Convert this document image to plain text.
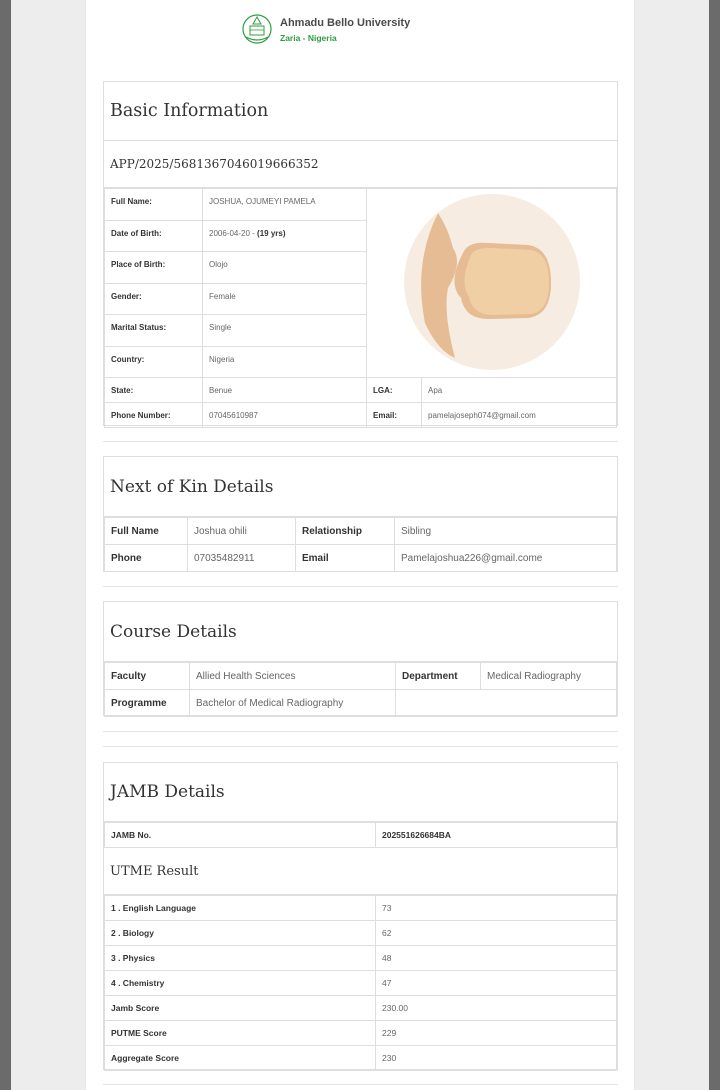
Ahmadu Bello University
Zaria - Nigeria
Basic Information
APP/2025/5681367046019666352
Full Name:	JOSHUA, OJUMEYI PAMELA	
Date of Birth:	2006-04-20 - (19 yrs)		
Place of Birth:	Olojo		
Gender:	Female		
Marital Status:	Single		
Country:	Nigeria		
State:	Benue	LGA:	Apa
Phone Number:	07045610987	Email:	pamelajoseph074@gmail.com
Next of Kin Details
Full Name	Joshua ohili	Relationship	Sibling
Phone	07035482911	Email	Pamelajoshua226@gmail.come
Course Details
Faculty	Allied Health Sciences	Department	Medical Radiography
Programme	Bachelor of Medical Radiography		
JAMB Details
JAMB No.	202551626684BA
UTME Result
1 . English Language	73
2 . Biology	62
3 . Physics	48
4 . Chemistry	47
Jamb Score	230.00
PUTME Score	229
Aggregate Score	230
